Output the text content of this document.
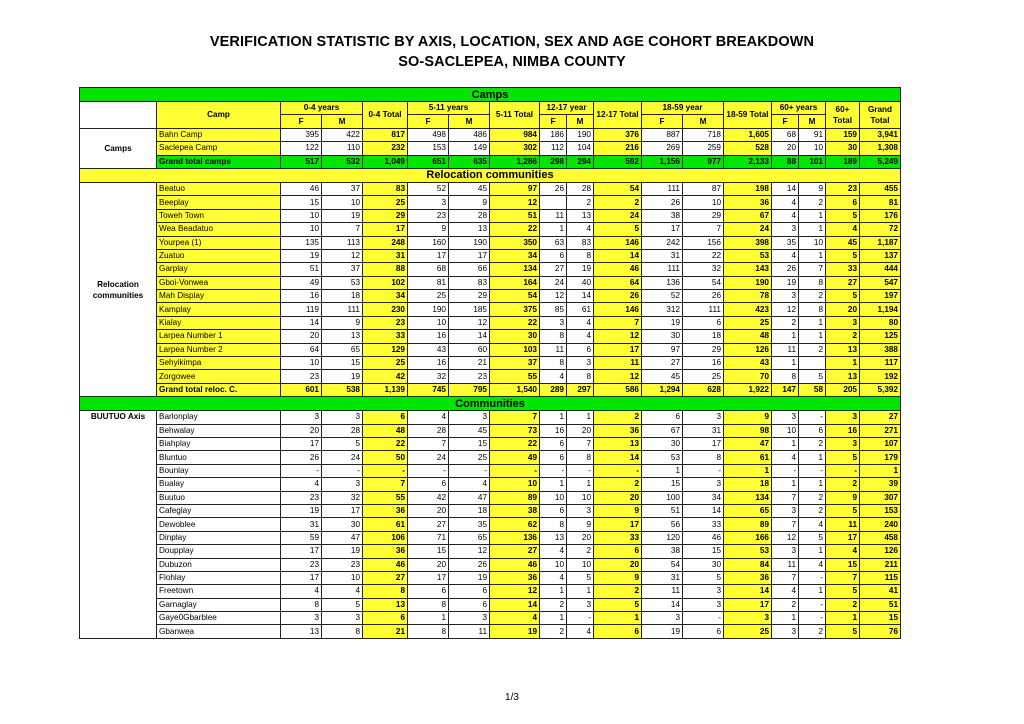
VERIFICATION STATISTIC BY AXIS, LOCATION, SEX AND AGE COHORT BREAKDOWN
SO-SACLEPEA, NIMBA COUNTY
Camps																	
	Camp	0-4 years		0-4 Total	5-11 years		5-11 Total	12-17 year		12-17 Total	18-59 year		18-59 Total	60+ years		60+ Total	Grand Total
		F	M		F	M		F	M		F	M		F	M		
Camps	Bahn Camp	395	422	817	498	486	984	186	190	376	887	718	1,605	68	91	159	3,941
	Saclepea Camp	122	110	232	153	149	302	112	104	216	269	259	528	20	10	30	1,308
	Grand total camps	517	532	1,049	651	635	1,286	298	294	592	1,156	977	2,133	88	101	189	5,249
Relocation communities																	
Relocation communities	Beatuo	46	37	83	52	45	97	26	28	54	111	87	198	14	9	23	455
	Beeplay	15	10	25	3	9	12		2	2	26	10	36	4	2	6	81
	Toweh Town	10	19	29	23	28	51	11	13	24	38	29	67	4	1	5	176
	Wea Beadatuo	10	7	17	9	13	22	1	4	5	17	7	24	3	1	4	72
	Yourpea (1)	135	113	248	160	190	350	63	83	146	242	156	398	35	10	45	1,187
	Zuatuo	19	12	31	17	17	34	6	8	14	31	22	53	4	1	5	137
	Garplay	51	37	88	68	66	134	27	19	46	111	32	143	26	7	33	444
	Gboi-Vonwea	49	53	102	81	83	164	24	40	64	136	54	190	19	8	27	547
	Mah Display	16	18	34	25	29	54	12	14	26	52	26	78	3	2	5	197
	Kamplay	119	111	230	190	185	375	85	61	146	312	111	423	12	8	20	1,194
	Kialay	14	9	23	10	12	22	3	4	7	19	6	25	2	1	3	80
	Larpea Number 1	20	13	33	16	14	30	8	4	12	30	18	48	1	1	2	125
	Larpea Number 2	64	65	129	43	60	103	11	6	17	97	29	126	11	2	13	388
	Sehyikimpa	10	15	25	16	21	37	8	3	11	27	16	43	1		1	117
	Zorgowee	23	19	42	32	23	55	4	8	12	45	25	70	8	5	13	192
	Grand total reloc. C.	601	538	1,139	745	795	1,540	289	297	586	1,294	628	1,922	147	58	205	5,392
Communities																	
BUUTUO Axis	Barlonplay	3	3	6	4	3	7	1	1	2	6	3	9	3	-	3	27
	Behwalay	20	28	48	28	45	73	16	20	36	67	31	98	10	6	16	271
	Biahplay	17	5	22	7	15	22	6	7	13	30	17	47	1	2	3	107
	Bluntuo	26	24	50	24	25	49	6	8	14	53	8	61	4	1	5	179
	Bounlay	-	-	-	-	-	-	-	-	-	1	-	1	-	-	-	1
	Bualay	4	3	7	6	4	10	1	1	2	15	3	18	1	1	2	39
	Buutuo	23	32	55	42	47	89	10	10	20	100	34	134	7	2	9	307
	Cafeglay	19	17	36	20	18	38	6	3	9	51	14	65	3	2	5	153
	Dewoblee	31	30	61	27	35	62	8	9	17	56	33	89	7	4	11	240
	Dinplay	59	47	106	71	65	136	13	20	33	120	46	166	12	5	17	458
	Doupplay	17	19	36	15	12	27	4	2	6	38	15	53	3	1	4	126
	Dubuzon	23	23	46	20	26	46	10	10	20	54	30	84	11	4	15	211
	Flohlay	17	10	27	17	19	36	4	5	9	31	5	36	7	-	7	115
	Freetown	4	4	8	6	6	12	1	1	2	11	3	14	4	1	5	41
	Garnaglay	8	5	13	8	6	14	2	3	5	14	3	17	2	-	2	51
	Gaye0Gbarblee	3	3	6	1	3	4	1	-	1	3	-	3	1	-	1	15
	Gbanwea	13	8	21	8	11	19	2	4	6	19	6	25	3	2	5	76
1/3
